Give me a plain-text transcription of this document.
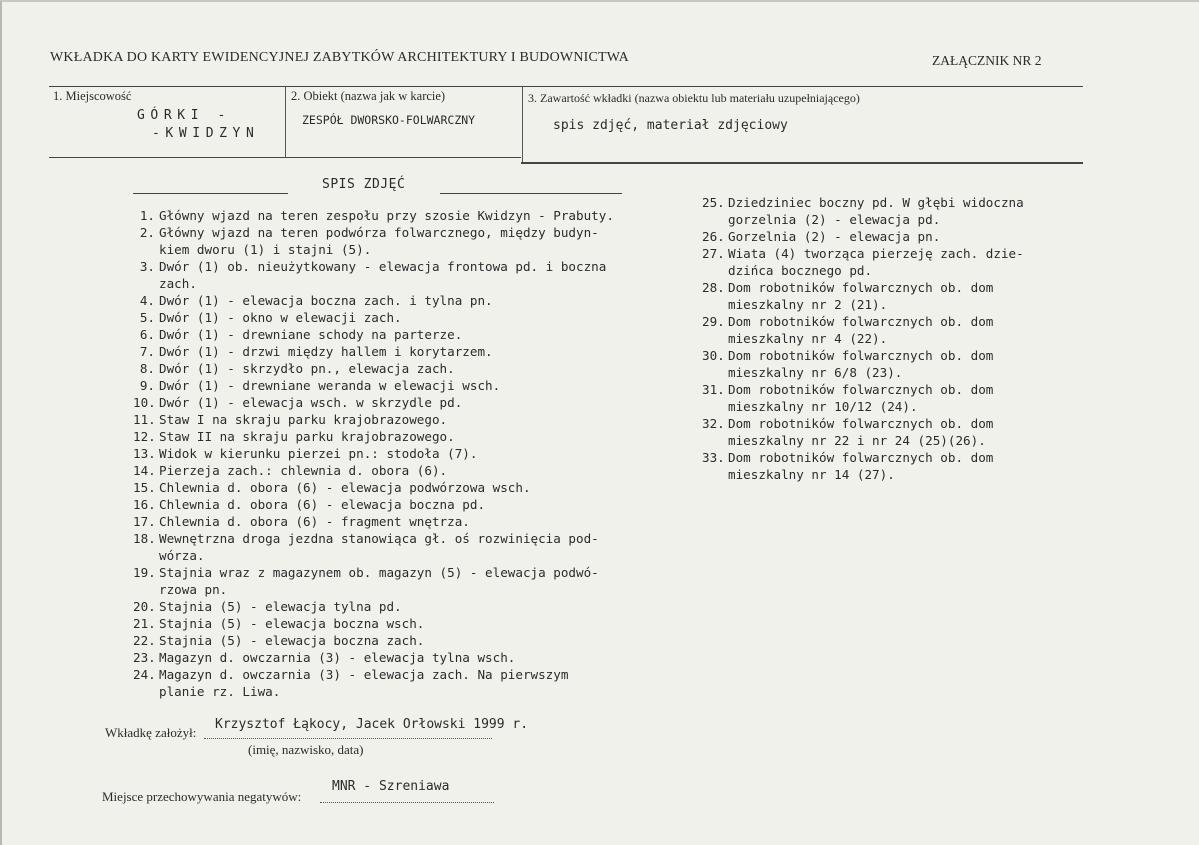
WKŁADKA DO KARTY EWIDENCYJNEJ ZABYTKÓW ARCHITEKTURY I BUDOWNICTWA	ZAŁĄCZNIK NR 2
1. Miejscowość
GÓRKI -
-KWIDZYN
2. Obiekt (nazwa jak w karcie)
ZESPÓŁ DWORSKO-FOLWARCZNY
3. Zawartość wkładki (nazwa obiektu lub materiału uzupełniającego)
spis zdjęć, materiał zdjęciowy
SPIS ZDJĘĆ
1. Główny wjazd na teren zespołu przy szosie Kwidzyn - Prabuty.
2. Główny wjazd na teren podwórza folwarcznego, między budyn-
kiem dworu (1) i stajni (5).
3. Dwór (1) ob. nieużytkowany - elewacja frontowa pd. i boczna
zach.
4. Dwór (1) - elewacja boczna zach. i tylna pn.
5. Dwór (1) - okno w elewacji zach.
6. Dwór (1) - drewniane schody na parterze.
7. Dwór (1) - drzwi między hallem i korytarzem.
8. Dwór (1) - skrzydło pn., elewacja zach.
9. Dwór (1) - drewniane weranda w elewacji wsch.
10. Dwór (1) - elewacja wsch. w skrzydle pd.
11. Staw I na skraju parku krajobrazowego.
12. Staw II na skraju parku krajobrazowego.
13. Widok w kierunku pierzei pn.: stodoła (7).
14. Pierzeja zach.: chlewnia d. obora (6).
15. Chlewnia d. obora (6) - elewacja podwórzowa wsch.
16. Chlewnia d. obora (6) - elewacja boczna pd.
17. Chlewnia d. obora (6) - fragment wnętrza.
18. Wewnętrzna droga jezdna stanowiąca gł. oś rozwinięcia pod-
wórza.
19. Stajnia wraz z magazynem ob. magazyn (5) - elewacja podwó-
rzowa pn.
20. Stajnia (5) - elewacja tylna pd.
21. Stajnia (5) - elewacja boczna wsch.
22. Stajnia (5) - elewacja boczna zach.
23. Magazyn d. owczarnia (3) - elewacja tylna wsch.
24. Magazyn d. owczarnia (3) - elewacja zach. Na pierwszym
planie rz. Liwa.
25. Dziedziniec boczny pd. W głębi widoczna
gorzelnia (2) - elewacja pd.
26. Gorzelnia (2) - elewacja pn.
27. Wiata (4) tworząca pierzeję zach. dzie-
dzińca bocznego pd.
28. Dom robotników folwarcznych ob. dom
mieszkalny nr 2 (21).
29. Dom robotników folwarcznych ob. dom
mieszkalny nr 4 (22).
30. Dom robotników folwarcznych ob. dom
mieszkalny nr 6/8 (23).
31. Dom robotników folwarcznych ob. dom
mieszkalny nr 10/12 (24).
32. Dom robotników folwarcznych ob. dom
mieszkalny nr 22 i nr 24 (25)(26).
33. Dom robotników folwarcznych ob. dom
mieszkalny nr 14 (27).
Wkładkę założył:
Krzysztof Łąkocy, Jacek Orłowski 1999 r.
(imię, nazwisko, data)
Miejsce przechowywania negatywów:
MNR - Szreniawa
